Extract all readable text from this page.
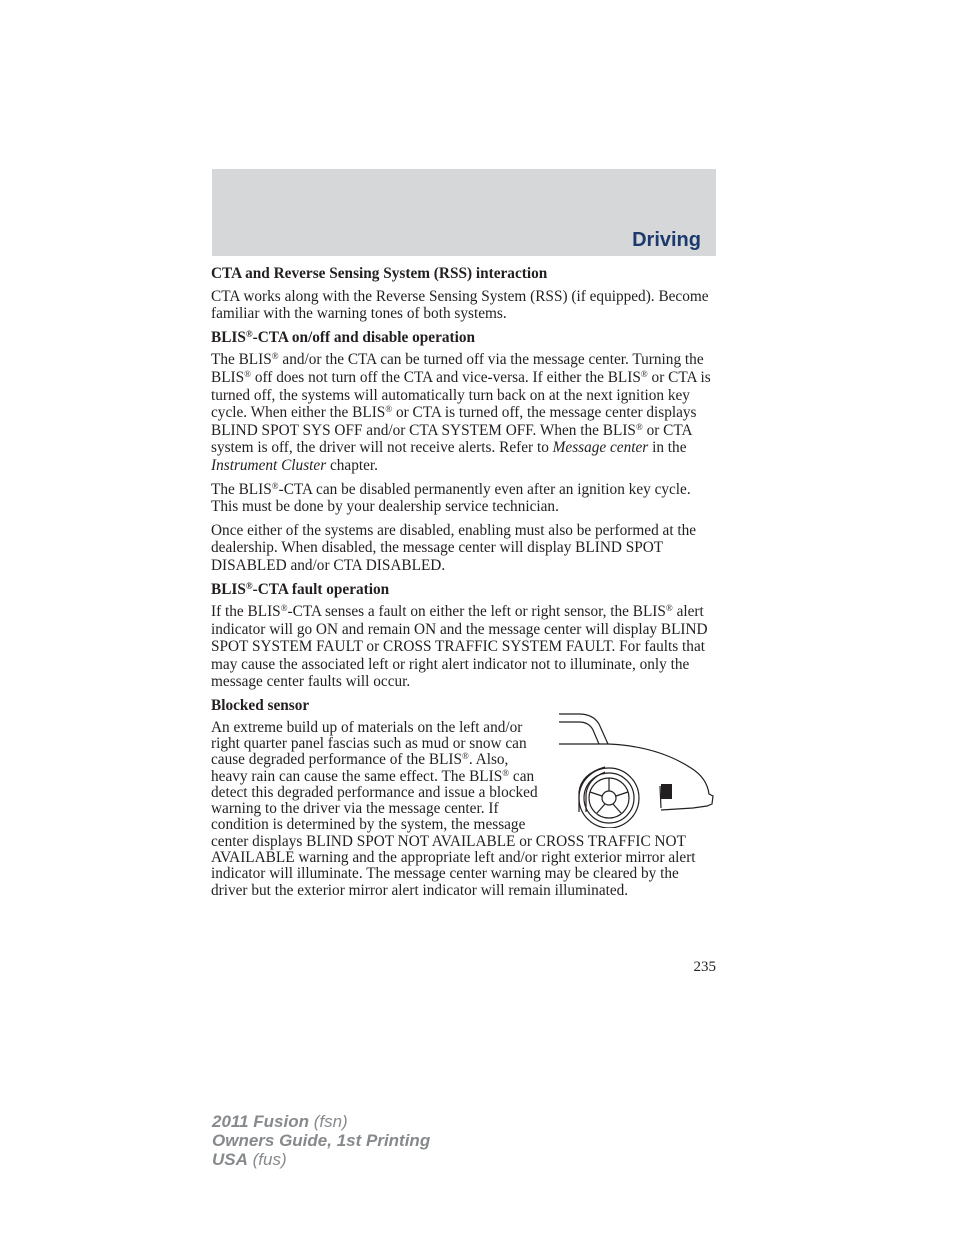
Driving
CTA and Reverse Sensing System (RSS) interaction

CTA works along with the Reverse Sensing System (RSS) (if equipped). Become familiar with the warning tones of both systems.

BLIS®-CTA on/off and disable operation

The BLIS® and/or the CTA can be turned off via the message center. Turning the BLIS® off does not turn off the CTA and vice-versa. If either the BLIS® or CTA is turned off, the systems will automatically turn back on at the next ignition key cycle. When either the BLIS® or CTA is turned off, the message center displays BLIND SPOT SYS OFF and/or CTA SYSTEM OFF. When the BLIS® or CTA system is off, the driver will not receive alerts. Refer to Message center in the Instrument Cluster chapter.

The BLIS®-CTA can be disabled permanently even after an ignition key cycle. This must be done by your dealership service technician.

Once either of the systems are disabled, enabling must also be performed at the dealership. When disabled, the message center will display BLIND SPOT DISABLED and/or CTA DISABLED.

BLIS®-CTA fault operation

If the BLIS®-CTA senses a fault on either the left or right sensor, the BLIS® alert indicator will go ON and remain ON and the message center will display BLIND SPOT SYSTEM FAULT or CROSS TRAFFIC SYSTEM FAULT. For faults that may cause the associated left or right alert indicator not to illuminate, only the message center faults will occur.

Blocked sensor

An extreme build up of materials on the left and/or right quarter panel fascias such as mud or snow can cause degraded performance of the BLIS®. Also, heavy rain can cause the same effect. The BLIS® can detect this degraded performance and issue a blocked warning to the driver via the message center. If condition is determined by the system, the message center displays BLIND SPOT NOT AVAILABLE or CROSS TRAFFIC NOT AVAILABLE warning and the appropriate left and/or right exterior mirror alert indicator will illuminate. The message center warning may be cleared by the driver but the exterior mirror alert indicator will remain illuminated.

235
2011 Fusion (fsn)
Owners Guide, 1st Printing
USA (fus)
